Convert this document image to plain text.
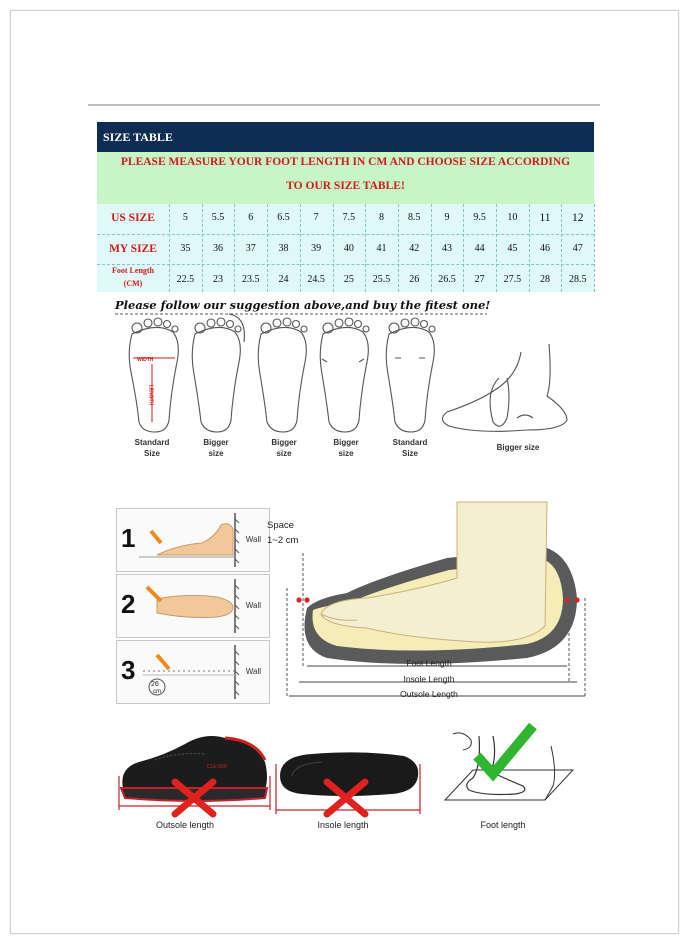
SIZE TABLE
PLEASE MEASURE YOUR FOOT LENGTH IN CM AND CHOOSE SIZE ACCORDING
TO OUR SIZE TABLE!
US SIZE	5	5.5	6	6.5	7	7.5	8	8.5	9	9.5	10	11	12
MY SIZE	35	36	37	38	39	40	41	42	43	44	45	46	47
Foot Length
(CM)	22.5	23	23.5	24	24.5	25	25.5	26	26.5	27	27.5	28	28.5
Please follow our suggestion above,and buy the fitest one!
Standard
Size
Bigger
size
Bigger
size
Bigger
size
Standard
Size
Bigger size
WIDTH
LENGTH
1	Wall
2	Wall
3 26
cm
Wall
Space
1~2 cm
Foot Length
Insole Length
Outsole Length
CLEVER
Outsole length	Insole length	Foot length
